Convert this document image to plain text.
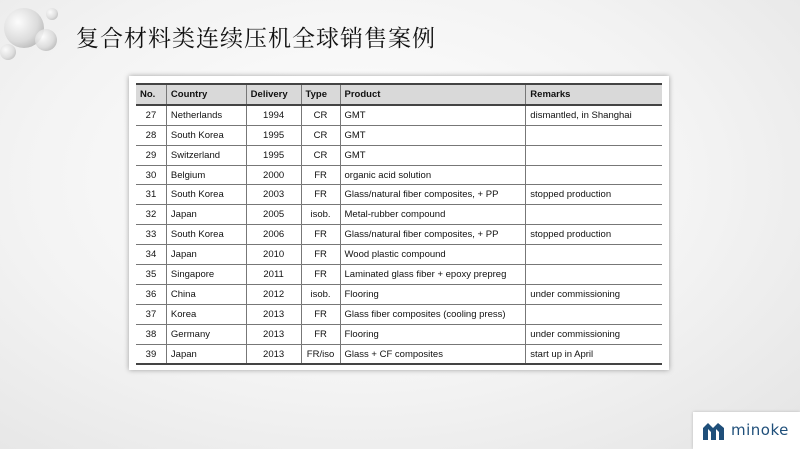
复合材料类连续压机全球销售案例
No.	Country	Delivery	Type	Product	Remarks
27	Netherlands	1994	CR	GMT	dismantled, in Shanghai
28	South Korea	1995	CR	GMT	
29	Switzerland	1995	CR	GMT	
30	Belgium	2000	FR	organic acid solution	
31	South Korea	2003	FR	Glass/natural fiber composites, + PP	stopped production
32	Japan	2005	isob.	Metal-rubber compound	
33	South Korea	2006	FR	Glass/natural fiber composites, + PP	stopped production
34	Japan	2010	FR	Wood plastic compound	
35	Singapore	2011	FR	Laminated glass fiber + epoxy prepreg	
36	China	2012	isob.	Flooring	under commissioning
37	Korea	2013	FR	Glass fiber composites (cooling press)	
38	Germany	2013	FR	Flooring	under commissioning
39	Japan	2013	FR/iso	Glass + CF composites	start up in April
minoke
